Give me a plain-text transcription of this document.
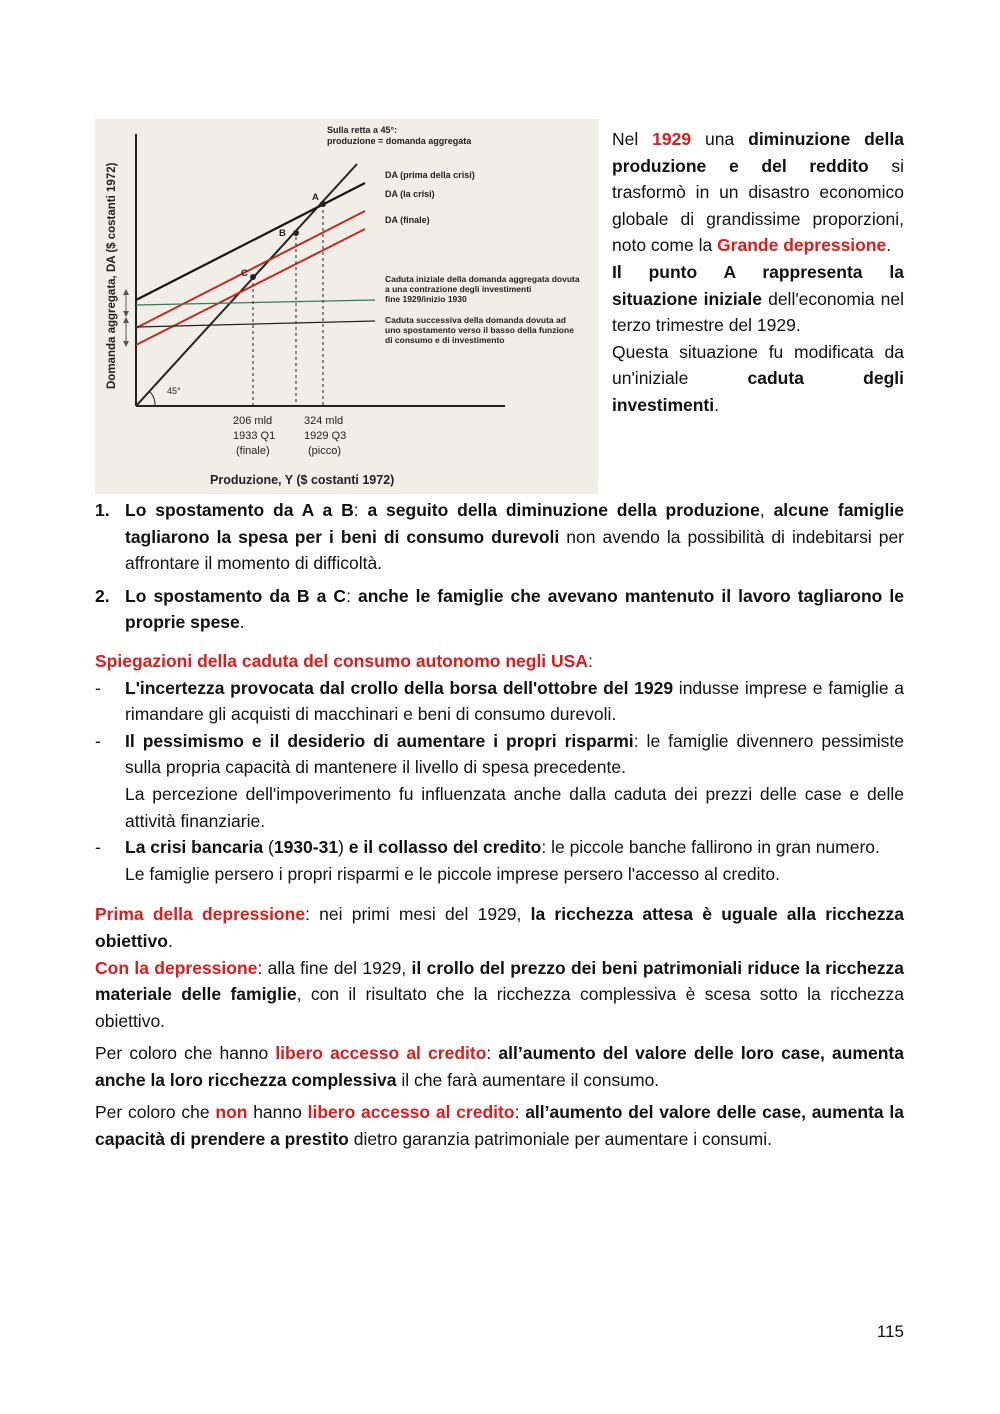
Domanda aggregata, DA ($ costanti 1972)
Produzione, Y ($ costanti 1972)
Sulla retta a 45°:
produzione = domanda aggregata
DA (prima della crisi)
DA (la crisi)
DA (finale)
Caduta iniziale della domanda aggregata dovuta
a una contrazione degli investimenti
fine 1929/inizio 1930
Caduta successiva della domanda dovuta ad
uno spostamento verso il basso della funzione
di consumo e di investimento
45°
A
B
C
206 mld
1933 Q1
(finale)
324 mld
1929 Q3
(picco)

Nel 1929 una diminuzione della produzione e del reddito si trasformò in un disastro economico globale di grandissime proporzioni, noto come la Grande depressione.

Il punto A rappresenta la situazione iniziale dell'economia nel terzo trimestre del 1929.

Questa situazione fu modificata da un'iniziale caduta degli investimenti.

1. Lo spostamento da A a B: a seguito della diminuzione della produzione, alcune famiglie tagliarono la spesa per i beni di consumo durevoli non avendo la possibilità di indebitarsi per affrontare il momento di difficoltà.
2. Lo spostamento da B a C: anche le famiglie che avevano mantenuto il lavoro tagliarono le proprie spese.
Spiegazioni della caduta del consumo autonomo negli USA:
-	L'incertezza provocata dal crollo della borsa dell'ottobre del 1929 indusse imprese e famiglie a rimandare gli acquisti di macchinari e beni di consumo durevoli.
-	Il pessimismo e il desiderio di aumentare i propri risparmi: le famiglie divennero pessimiste sulla propria capacità di mantenere il livello di spesa precedente.
La percezione dell'impoverimento fu influenzata anche dalla caduta dei prezzi delle case e delle attività finanziarie.
-	La crisi bancaria (1930-31) e il collasso del credito: le piccole banche fallirono in gran numero.
Le famiglie persero i propri risparmi e le piccole imprese persero l'accesso al credito.

Prima della depressione: nei primi mesi del 1929, la ricchezza attesa è uguale alla ricchezza obiettivo.

Con la depressione: alla fine del 1929, il crollo del prezzo dei beni patrimoniali riduce la ricchezza materiale delle famiglie, con il risultato che la ricchezza complessiva è scesa sotto la ricchezza obiettivo.

Per coloro che hanno libero accesso al credito: all’aumento del valore delle loro case, aumenta anche la loro ricchezza complessiva il che farà aumentare il consumo.

Per coloro che non hanno libero accesso al credito: all’aumento del valore delle case, aumenta la capacità di prendere a prestito dietro garanzia patrimoniale per aumentare i consumi.

115
